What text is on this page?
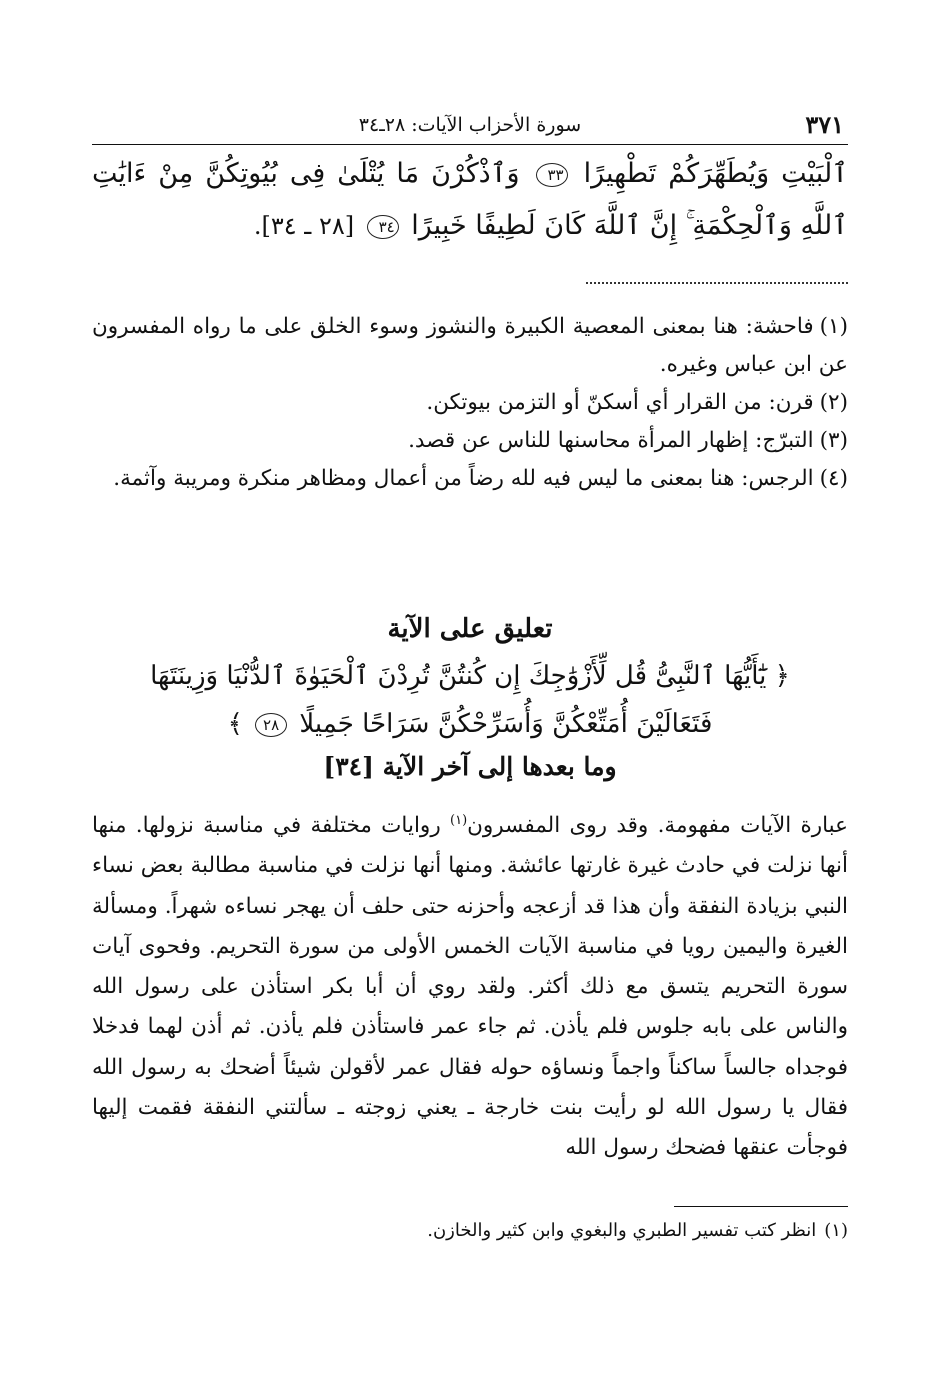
٣٧١
سورة الأحزاب الآيات: ٢٨ـ٣٤
ٱلْبَيْتِ وَيُطَهِّرَكُمْ تَطْهِيرًا ٣٣ وَٱذْكُرْنَ مَا يُتْلَىٰ فِى بُيُوتِكُنَّ مِنْ ءَايَٰتِ ٱللَّهِ وَٱلْحِكْمَةِ ۚ إِنَّ ٱللَّهَ كَانَ لَطِيفًا خَبِيرًا ٣٤ [٢٨ ـ ٣٤].

(١)فاحشة: هنا بمعنى المعصية الكبيرة والنشوز وسوء الخلق على ما رواه المفسرون عن ابن عباس وغيره.

(٢)قرن: من القرار أي أسكنّ أو التزمن بيوتكن.

(٣)التبرّج: إظهار المرأة محاسنها للناس عن قصد.

(٤)الرجس: هنا بمعنى ما ليس فيه لله رضاً من أعمال ومظاهر منكرة ومريبة وآثمة.

تعليق على الآية
﴿ يَٰٓأَيُّهَا ٱلنَّبِىُّ قُل لِّأَزْوَٰجِكَ إِن كُنتُنَّ تُرِدْنَ ٱلْحَيَوٰةَ ٱلدُّنْيَا وَزِينَتَهَا
فَتَعَالَيْنَ أُمَتِّعْكُنَّ وَأُسَرِّحْكُنَّ سَرَاحًا جَمِيلًا ٢٨ ﴾
وما بعدها إلى آخر الآية [٣٤]

عبارة الآيات مفهومة. وقد روى المفسرون$^{(١)}$ روايات مختلفة في مناسبة نزولها. منها أنها نزلت في حادث غيرة غارتها عائشة. ومنها أنها نزلت في مناسبة مطالبة بعض نساء النبي بزيادة النفقة وأن هذا قد أزعجه وأحزنه حتى حلف أن يهجر نساءه شهراً. ومسألة الغيرة واليمين رويا في مناسبة الآيات الخمس الأولى من سورة التحريم. وفحوى آيات سورة التحريم يتسق مع ذلك أكثر. ولقد روي أن أبا بكر استأذن على رسول الله والناس على بابه جلوس فلم يأذن. ثم جاء عمر فاستأذن فلم يأذن. ثم أذن لهما فدخلا فوجداه جالساً ساكناً واجماً ونساؤه حوله فقال عمر لأقولن شيئاً أضحك به رسول الله فقال يا رسول الله لو رأيت بنت خارجة ـ يعني زوجته ـ سألتني النفقة فقمت إليها فوجأت عنقها فضحك رسول الله

(١)انظر كتب تفسير الطبري والبغوي وابن كثير والخازن.
